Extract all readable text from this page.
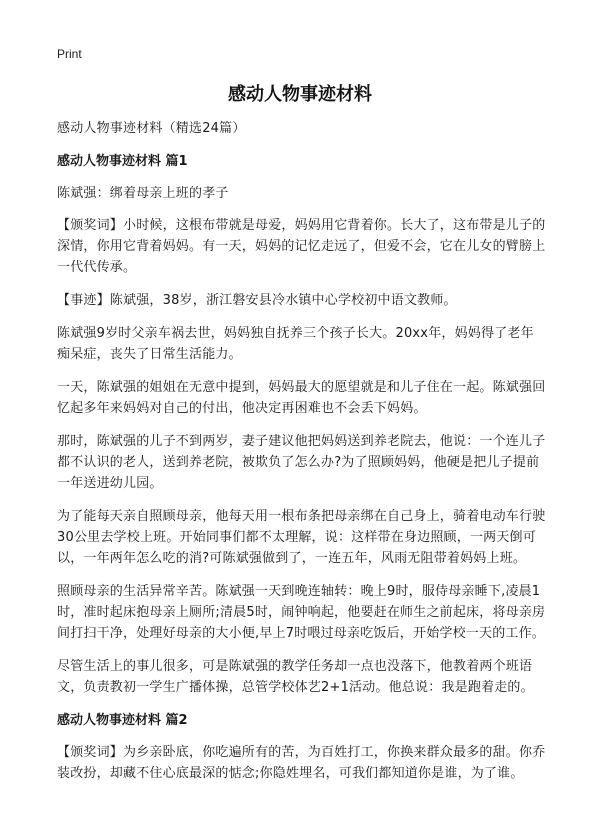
Print
感动人物事迹材料

感动人物事迹材料（精选24篇）

感动人物事迹材料 篇1

陈斌强：绑着母亲上班的孝子

【颁奖词】小时候，这根布带就是母爱，妈妈用它背着你。长大了，这布带是儿子的深情，你用它背着妈妈。有一天，妈妈的记忆走远了，但爱不会，它在儿女的臂膀上一代代传承。

【事迹】陈斌强，38岁，浙江磐安县冷水镇中心学校初中语文教师。

陈斌强9岁时父亲车祸去世，妈妈独自抚养三个孩子长大。20xx年，妈妈得了老年痴呆症，丧失了日常生活能力。

一天，陈斌强的姐姐在无意中提到，妈妈最大的愿望就是和儿子住在一起。陈斌强回忆起多年来妈妈对自己的付出，他决定再困难也不会丢下妈妈。

那时，陈斌强的儿子不到两岁，妻子建议他把妈妈送到养老院去，他说：一个连儿子都不认识的老人，送到养老院，被欺负了怎么办?为了照顾妈妈，他硬是把儿子提前一年送进幼儿园。

为了能每天亲自照顾母亲，他每天用一根布条把母亲绑在自己身上，骑着电动车行驶30公里去学校上班。开始同事们都不太理解，说：这样带在身边照顾，一两天倒可以，一年两年怎么吃的消?可陈斌强做到了，一连五年，风雨无阻带着妈妈上班。

照顾母亲的生活异常辛苦。陈斌强一天到晚连轴转：晚上9时，服侍母亲睡下,凌晨1时，准时起床抱母亲上厕所;清晨5时，闹钟响起，他要赶在师生之前起床，将母亲房间打扫干净，处理好母亲的大小便,早上7时喂过母亲吃饭后，开始学校一天的工作。

尽管生活上的事儿很多，可是陈斌强的教学任务却一点也没落下，他教着两个班语文，负责教初一学生广播体操，总管学校体艺2+1活动。他总说：我是跑着走的。

感动人物事迹材料 篇2

【颁奖词】为乡亲卧底，你吃遍所有的苦，为百姓打工，你换来群众最多的甜。你乔装改扮，却藏不住心底最深的惦念;你隐姓埋名，可我们都知道你是谁，为了谁。
